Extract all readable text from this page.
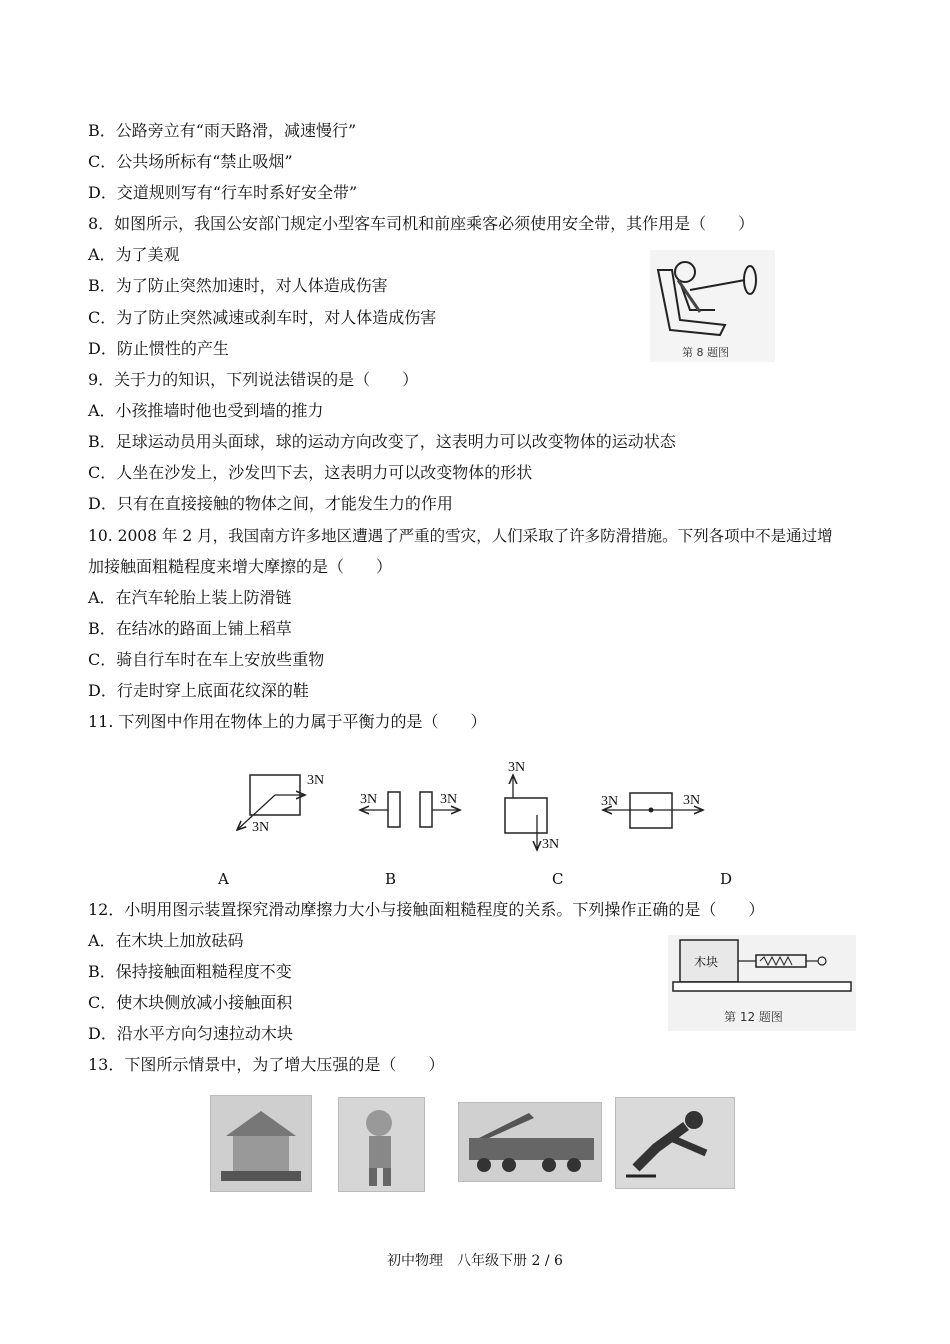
B．公路旁立有“雨天路滑，减速慢行”
C．公共场所标有“禁止吸烟”
D．交道规则写有“行车时系好安全带”
8．如图所示，我国公安部门规定小型客车司机和前座乘客必须使用安全带，其作用是（　　）
A．为了美观
B．为了防止突然加速时，对人体造成伤害
C．为了防止突然减速或刹车时，对人体造成伤害
D．防止惯性的产生
9．关于力的知识，下列说法错误的是（　　）
A．小孩推墙时他也受到墙的推力
B．足球运动员用头面球，球的运动方向改变了，这表明力可以改变物体的运动状态
C．人坐在沙发上，沙发凹下去，这表明力可以改变物体的形状
D．只有在直接接触的物体之间，才能发生力的作用
10. 2008 年 2 月，我国南方许多地区遭遇了严重的雪灾，人们采取了许多防滑措施。下列各项中不是通过增
加接触面粗糙程度来增大摩擦的是（　　）
A．在汽车轮胎上装上防滑链
B．在结冰的路面上铺上稻草
C．骑自行车时在车上安放些重物
D．行走时穿上底面花纹深的鞋
11. 下列图中作用在物体上的力属于平衡力的是（　　）
12．小明用图示装置探究滑动摩擦力大小与接触面粗糙程度的关系。下列操作正确的是（　　）
A．在木块上加放砝码
B．保持接触面粗糙程度不变
C．使木块侧放减小接触面积
D．沿水平方向匀速拉动木块
13．下图所示情景中，为了增大压强的是（　　）
第 8 题图
3N
3N
3N	3N
3N
3N
3N	3N
A	B	C	D
木块
第 12 题图
初中物理　八年级下册 2 / 6
